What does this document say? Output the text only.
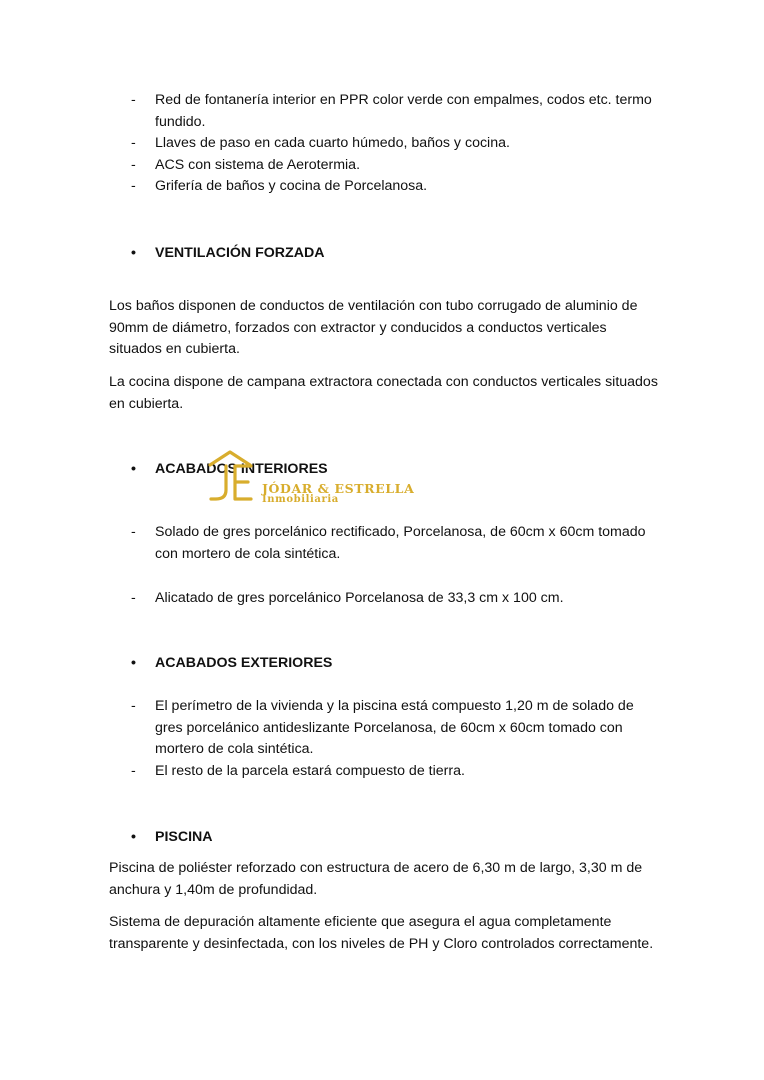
- Red de fontanería interior en PPR color verde con empalmes, codos etc. termo fundido.
- Llaves de paso en cada cuarto húmedo, baños y cocina.
- ACS con sistema de Aerotermia.
- Grifería de baños y cocina de Porcelanosa.
• VENTILACIÓN FORZADA
Los baños disponen de conductos de ventilación con tubo corrugado de aluminio de 90mm de diámetro, forzados con extractor y conducidos a conductos verticales situados en cubierta.
La cocina dispone de campana extractora conectada con conductos verticales situados en cubierta.
• ACABADOS INTERIORES
JÓDAR & ESTRELLA
Inmobiliaria
- Solado de gres porcelánico rectificado, Porcelanosa, de 60cm x 60cm tomado con mortero de cola sintética.
- Alicatado de gres porcelánico Porcelanosa de 33,3 cm x 100 cm.
• ACABADOS EXTERIORES
- El perímetro de la vivienda y la piscina está compuesto 1,20 m de solado de gres porcelánico antideslizante Porcelanosa, de 60cm x 60cm tomado con mortero de cola sintética.
- El resto de la parcela estará compuesto de tierra.
• PISCINA
Piscina de poliéster reforzado con estructura de acero de 6,30 m de largo, 3,30 m de anchura y 1,40m de profundidad.
Sistema de depuración altamente eficiente que asegura el agua completamente transparente y desinfectada, con los niveles de PH y Cloro controlados correctamente.
